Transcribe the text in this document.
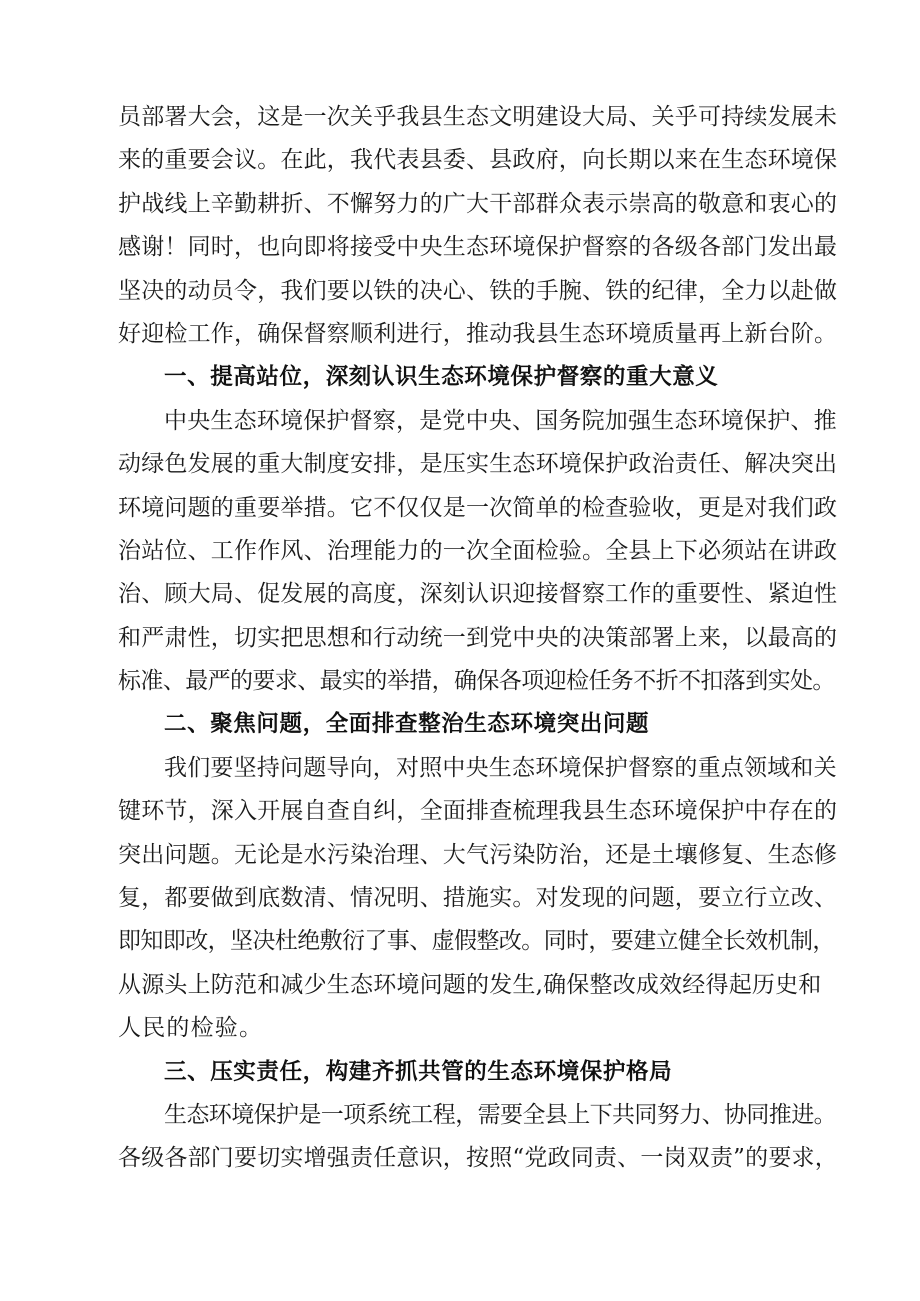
员部署大会，这是一次关乎我县生态文明建设大局、关乎可持续发展未
来的重要会议。在此，我代表县委、县政府，向长期以来在生态环境保
护战线上辛勤耕折、不懈努力的广大干部群众表示崇高的敬意和衷心的
感谢！同时，也向即将接受中央生态环境保护督察的各级各部门发出最
坚决的动员令，我们要以铁的决心、铁的手腕、铁的纪律，全力以赴做
好迎检工作，确保督察顺利进行，推动我县生态环境质量再上新台阶。
一、提高站位，深刻认识生态环境保护督察的重大意义
中央生态环境保护督察，是党中央、国务院加强生态环境保护、推
动绿色发展的重大制度安排，是压实生态环境保护政治责任、解决突出
环境问题的重要举措。它不仅仅是一次简单的检查验收，更是对我们政
治站位、工作作风、治理能力的一次全面检验。全县上下必须站在讲政
治、顾大局、促发展的高度，深刻认识迎接督察工作的重要性、紧迫性
和严肃性，切实把思想和行动统一到党中央的决策部署上来，以最高的
标准、最严的要求、最实的举措，确保各项迎检任务不折不扣落到实处。
二、聚焦问题，全面排查整治生态环境突出问题
我们要坚持问题导向，对照中央生态环境保护督察的重点领域和关
键环节，深入开展自查自纠，全面排查梳理我县生态环境保护中存在的
突出问题。无论是水污染治理、大气污染防治，还是土壤修复、生态修
复，都要做到底数清、情况明、措施实。对发现的问题，要立行立改、
即知即改，坚决杜绝敷衍了事、虚假整改。同时，要建立健全长效机制，
从源头上防范和减少生态环境问题的发生,确保整改成效经得起历史和
人民的检验。
三、压实责任，构建齐抓共管的生态环境保护格局
生态环境保护是一项系统工程，需要全县上下共同努力、协同推进。
各级各部门要切实增强责任意识，按照“党政同责、一岗双责”的要求，
